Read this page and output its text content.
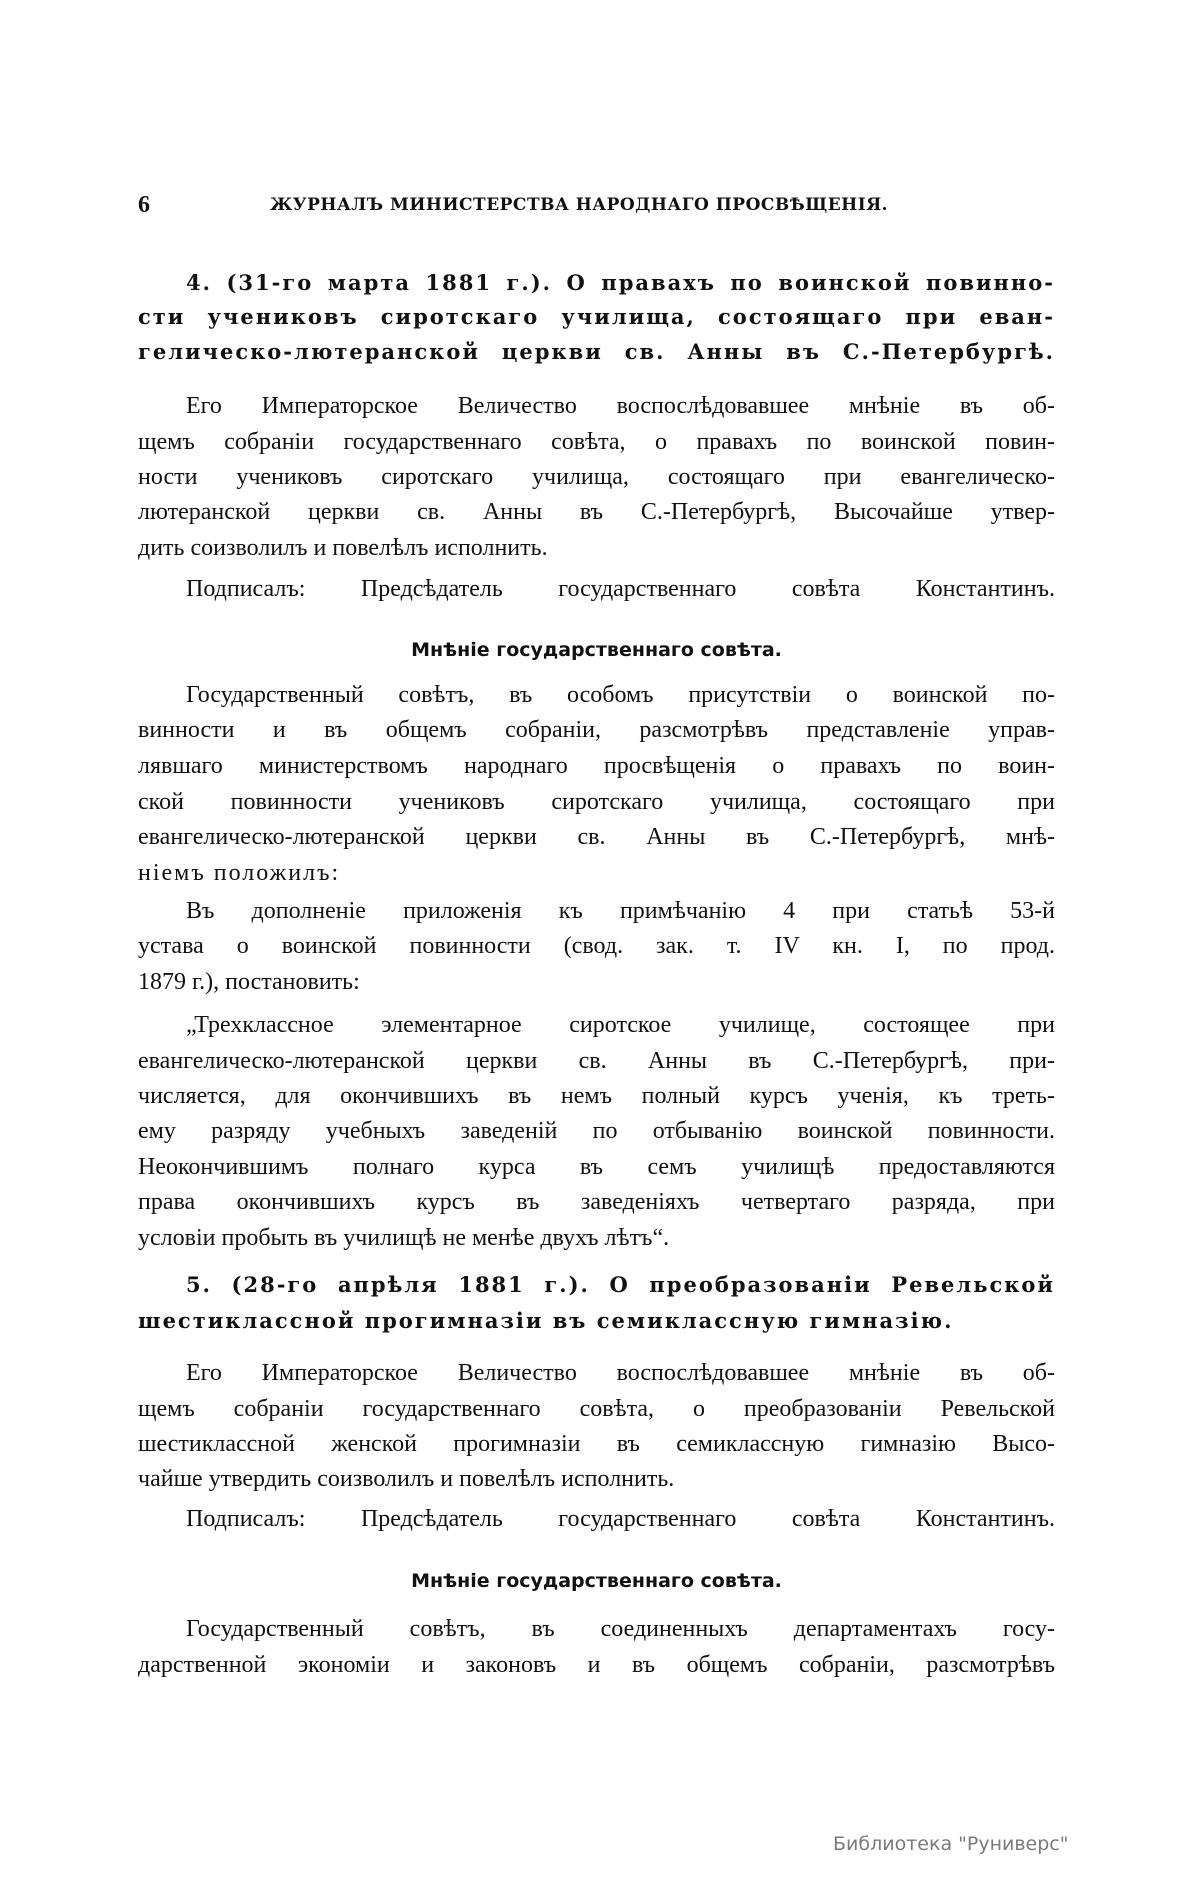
6	ЖУРНАЛЪ МИНИСТЕРСТВА НАРОДНАГО ПРОСВѢЩЕНІЯ.
4. (31-го марта 1881 г.). О правахъ по воинской повинно-
сти учениковъ сиротскаго училища, состоящаго при еван-
гелическо-лютеранской церкви св. Анны въ С.-Петербургѣ.
Его Императорское Величество воспослѣдовавшее мнѣніе въ об-
щемъ собраніи государственнаго совѣта, о правахъ по воинской повин-
ности учениковъ сиротскаго училища, состоящаго при евангелическо-
лютеранской церкви св. Анны въ С.-Петербургѣ, Высочайше утвер-
дить соизволилъ и повелѣлъ исполнить.
Подписалъ: Предсѣдатель государственнаго совѣта Константинъ.
Мнѣніе государственнаго совѣта.
Государственный совѣтъ, въ особомъ присутствіи о воинской по-
винности и въ общемъ собраніи, разсмотрѣвъ представленіе управ-
лявшаго министерствомъ народнаго просвѣщенія о правахъ по воин-
ской повинности учениковъ сиротскаго училища, состоящаго при
евангелическо-лютеранской церкви св. Анны въ С.-Петербургѣ, мнѣ-
ніемъ положилъ:
Въ дополненіе приложенія къ примѣчанію 4 при статьѣ 53-й
устава о воинской повинности (свод. зак. т. IV кн. I, по прод.
1879 г.), постановить:
„Трехклассное элементарное сиротское училище, состоящее при
евангелическо-лютеранской церкви св. Анны въ С.-Петербургѣ, при-
числяется, для окончившихъ въ немъ полный курсъ ученія, къ треть-
ему разряду учебныхъ заведеній по отбыванію воинской повинности.
Неокончившимъ полнаго курса въ семъ училищѣ предоставляются
права окончившихъ курсъ въ заведеніяхъ четвертаго разряда, при
условіи пробыть въ училищѣ не менѣе двухъ лѣтъ“.
5. (28-го апрѣля 1881 г.). О преобразованіи Ревельской
шестиклассной прогимназіи въ семиклассную гимназію.
Его Императорское Величество воспослѣдовавшее мнѣніе въ об-
щемъ собраніи государственнаго совѣта, о преобразованіи Ревельской
шестиклассной женской прогимназіи въ семиклассную гимназію Высо-
чайше утвердить соизволилъ и повелѣлъ исполнить.
Подписалъ: Предсѣдатель государственнаго совѣта Константинъ.
Мнѣніе государственнаго совѣта.
Государственный совѣтъ, въ соединенныхъ департаментахъ госу-
дарственной экономіи и законовъ и въ общемъ собраніи, разсмотрѣвъ
Библиотека "Руниверс"
